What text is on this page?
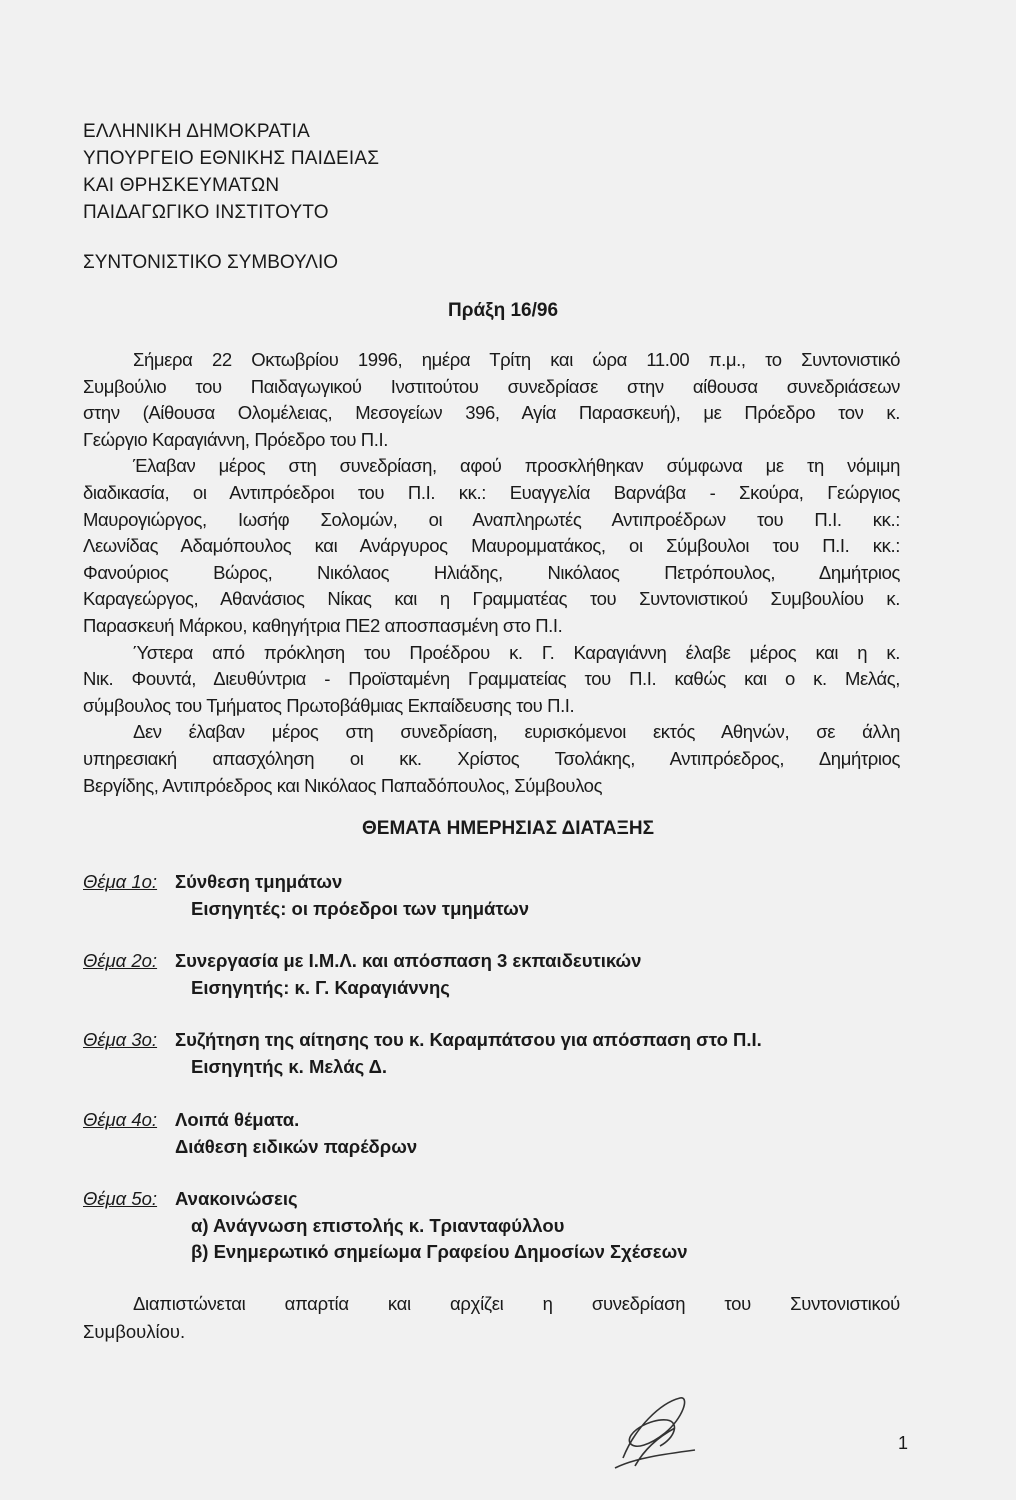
ΕΛΛΗΝΙΚΗ ΔΗΜΟΚΡΑΤΙΑ
ΥΠΟΥΡΓΕΙΟ ΕΘΝΙΚΗΣ ΠΑΙΔΕΙΑΣ
ΚΑΙ ΘΡΗΣΚΕΥΜΑΤΩΝ
ΠΑΙΔΑΓΩΓΙΚΟ ΙΝΣΤΙΤΟΥΤΟ
ΣΥΝΤΟΝΙΣΤΙΚΟ ΣΥΜΒΟΥΛΙΟ
Πράξη 16/96
Σήμερα 22 Οκτωβρίου 1996, ημέρα Τρίτη και ώρα 11.00 π.μ., το Συντονιστικό
Συμβούλιο του Παιδαγωγικού Ινστιτούτου συνεδρίασε στην αίθουσα συνεδριάσεων
στην (Αίθουσα Ολομέλειας, Μεσογείων 396, Αγία Παρασκευή), με Πρόεδρο τον κ.
Γεώργιο Καραγιάννη, Πρόεδρο του Π.Ι.
Έλαβαν μέρος στη συνεδρίαση, αφού προσκλήθηκαν σύμφωνα με τη νόμιμη
διαδικασία, οι Αντιπρόεδροι του Π.Ι. κκ.: Ευαγγελία Βαρνάβα - Σκούρα, Γεώργιος
Μαυρογιώργος, Ιωσήφ Σολομών, οι Αναπληρωτές Αντιπροέδρων του Π.Ι. κκ.:
Λεωνίδας Αδαμόπουλος και Ανάργυρος Μαυρομματάκος, οι Σύμβουλοι του Π.Ι. κκ.:
Φανούριος Βώρος, Νικόλαος Ηλιάδης, Νικόλαος Πετρόπουλος, Δημήτριος
Καραγεώργος, Αθανάσιος Νίκας και η Γραμματέας του Συντονιστικού Συμβουλίου κ.
Παρασκευή Μάρκου, καθηγήτρια ΠΕ2 αποσπασμένη στο Π.Ι.
Ύστερα από πρόκληση του Προέδρου κ. Γ. Καραγιάννη έλαβε μέρος και η κ.
Νικ. Φουντά, Διευθύντρια - Προϊσταμένη Γραμματείας του Π.Ι. καθώς και ο κ. Μελάς,
σύμβουλος του Τμήματος Πρωτοβάθμιας Εκπαίδευσης του Π.Ι.
Δεν έλαβαν μέρος στη συνεδρίαση, ευρισκόμενοι εκτός Αθηνών, σε άλλη
υπηρεσιακή απασχόληση οι κκ. Χρίστος Τσολάκης, Αντιπρόεδρος, Δημήτριος
Βεργίδης, Αντιπρόεδρος και Νικόλαος Παπαδόπουλος, Σύμβουλος
ΘΕΜΑΤΑ ΗΜΕΡΗΣΙΑΣ ΔΙΑΤΑΞΗΣ
Θέμα 1ο: Σύνθεση τμημάτων
Εισηγητές: οι πρόεδροι των τμημάτων
Θέμα 2ο: Συνεργασία με Ι.Μ.Λ. και απόσπαση 3 εκπαιδευτικών
Εισηγητής: κ. Γ. Καραγιάννης
Θέμα 3ο: Συζήτηση της αίτησης του κ. Καραμπάτσου για απόσπαση στο Π.Ι.
Εισηγητής κ. Μελάς Δ.
Θέμα 4ο: Λοιπά θέματα.
Διάθεση ειδικών παρέδρων
Θέμα 5ο: Ανακοινώσεις
α) Ανάγνωση επιστολής κ. Τριανταφύλλου
β) Ενημερωτικό σημείωμα Γραφείου Δημοσίων Σχέσεων
Διαπιστώνεται απαρτία και αρχίζει η συνεδρίαση του Συντονιστικού
Συμβουλίου.
1
